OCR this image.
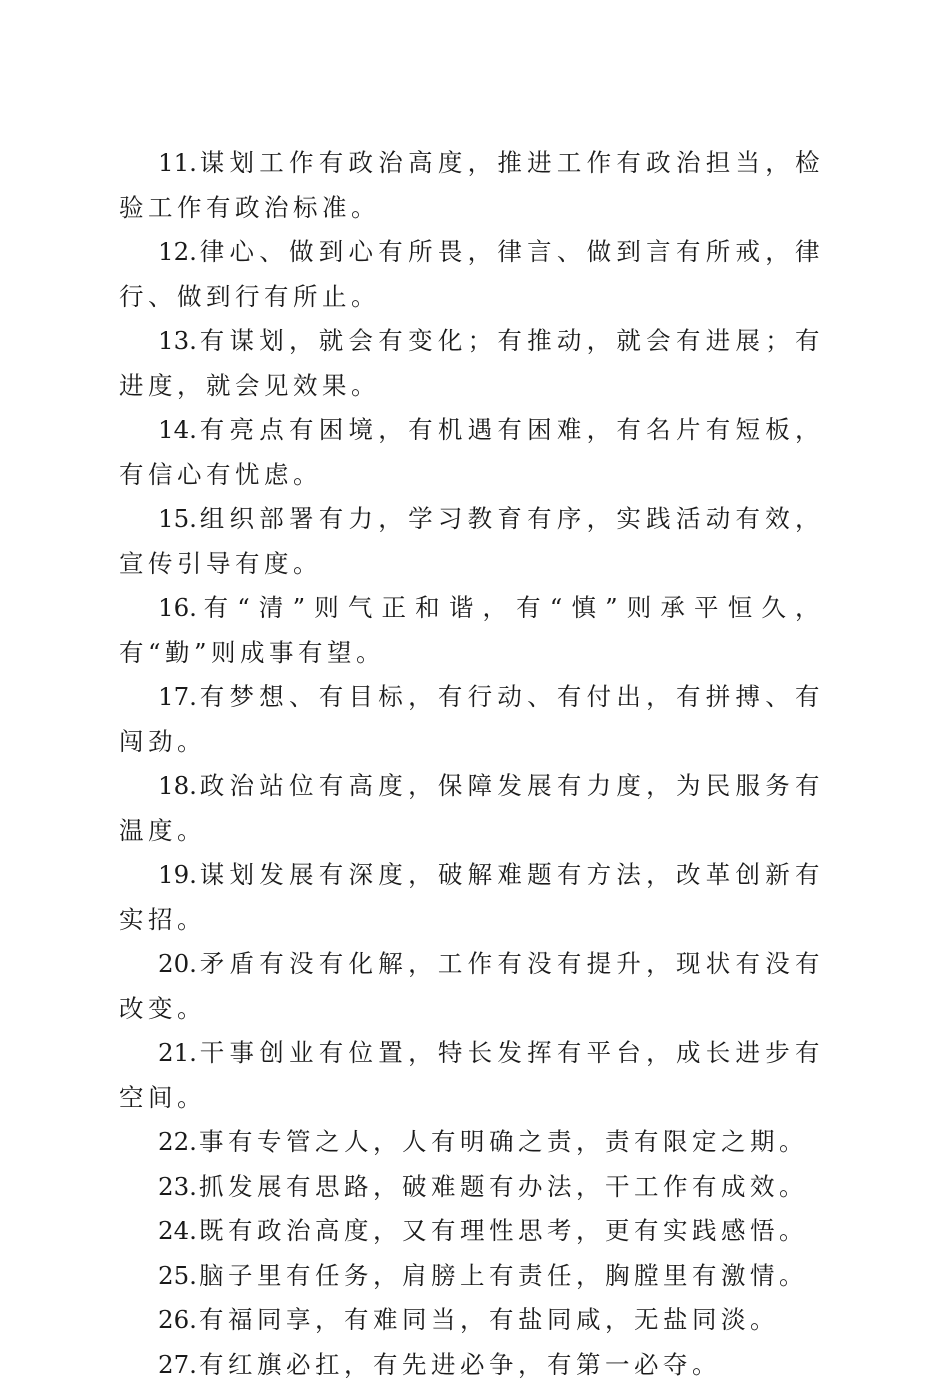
11.谋划工作有政治高度，推进工作有政治担当，检验工作有政治标准。

12.律心、做到心有所畏，律言、做到言有所戒，律行、做到行有所止。

13.有谋划，就会有变化；有推动，就会有进展；有进度，就会见效果。

14.有亮点有困境，有机遇有困难，有名片有短板，有信心有忧虑。

15.组织部署有力，学习教育有序，实践活动有效，宣传引导有度。

16.有“清”则气正和谐，有“慎”则承平恒久，有“勤”则成事有望。

17.有梦想、有目标，有行动、有付出，有拼搏、有闯劲。

18.政治站位有高度，保障发展有力度，为民服务有温度。

19.谋划发展有深度，破解难题有方法，改革创新有实招。

20.矛盾有没有化解，工作有没有提升，现状有没有改变。

21.干事创业有位置，特长发挥有平台，成长进步有空间。

22.事有专管之人，人有明确之责，责有限定之期。

23.抓发展有思路，破难题有办法，干工作有成效。

24.既有政治高度，又有理性思考，更有实践感悟。

25.脑子里有任务，肩膀上有责任，胸膛里有激情。

26.有福同享，有难同当，有盐同咸，无盐同淡。

27.有红旗必扛，有先进必争，有第一必夺。
